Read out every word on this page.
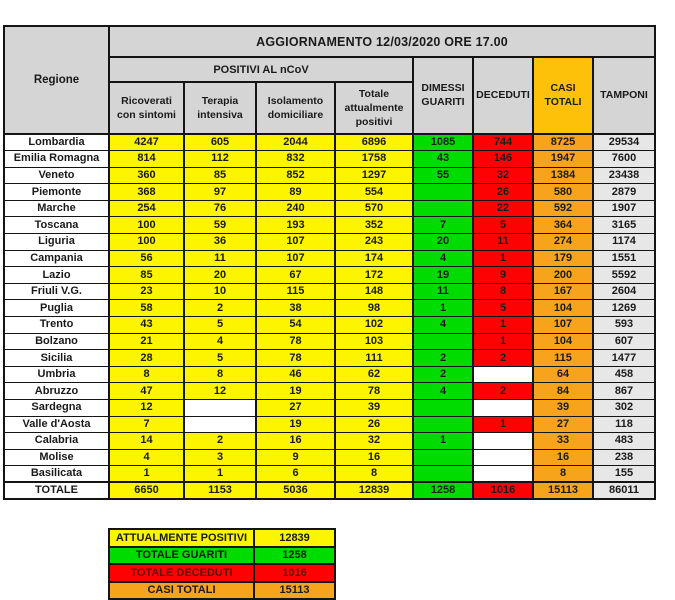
Regione	AGGIORNAMENTO 12/03/2020 ORE 17.00							
	POSITIVI AL nCoV				DIMESSI GUARITI	DECEDUTI	CASI TOTALI	TAMPONI
	Ricoverati con sintomi	Terapia intensiva	Isolamento domiciliare	Totale attualmente positivi				
Lombardia	4247	605	2044	6896	1085	744	8725	29534
Emilia Romagna	814	112	832	1758	43	146	1947	7600
Veneto	360	85	852	1297	55	32	1384	23438
Piemonte	368	97	89	554		26	580	2879
Marche	254	76	240	570		22	592	1907
Toscana	100	59	193	352	7	5	364	3165
Liguria	100	36	107	243	20	11	274	1174
Campania	56	11	107	174	4	1	179	1551
Lazio	85	20	67	172	19	9	200	5592
Friuli V.G.	23	10	115	148	11	8	167	2604
Puglia	58	2	38	98	1	5	104	1269
Trento	43	5	54	102	4	1	107	593
Bolzano	21	4	78	103		1	104	607
Sicilia	28	5	78	111	2	2	115	1477
Umbria	8	8	46	62	2		64	458
Abruzzo	47	12	19	78	4	2	84	867
Sardegna	12		27	39			39	302
Valle d'Aosta	7		19	26		1	27	118
Calabria	14	2	16	32	1		33	483
Molise	4	3	9	16			16	238
Basilicata	1	1	6	8			8	155
TOTALE	6650	1153	5036	12839	1258	1016	15113	86011
ATTUALMENTE POSITIVI	12839
TOTALE GUARITI	1258
TOTALE DECEDUTI	1016
CASI TOTALI	15113
